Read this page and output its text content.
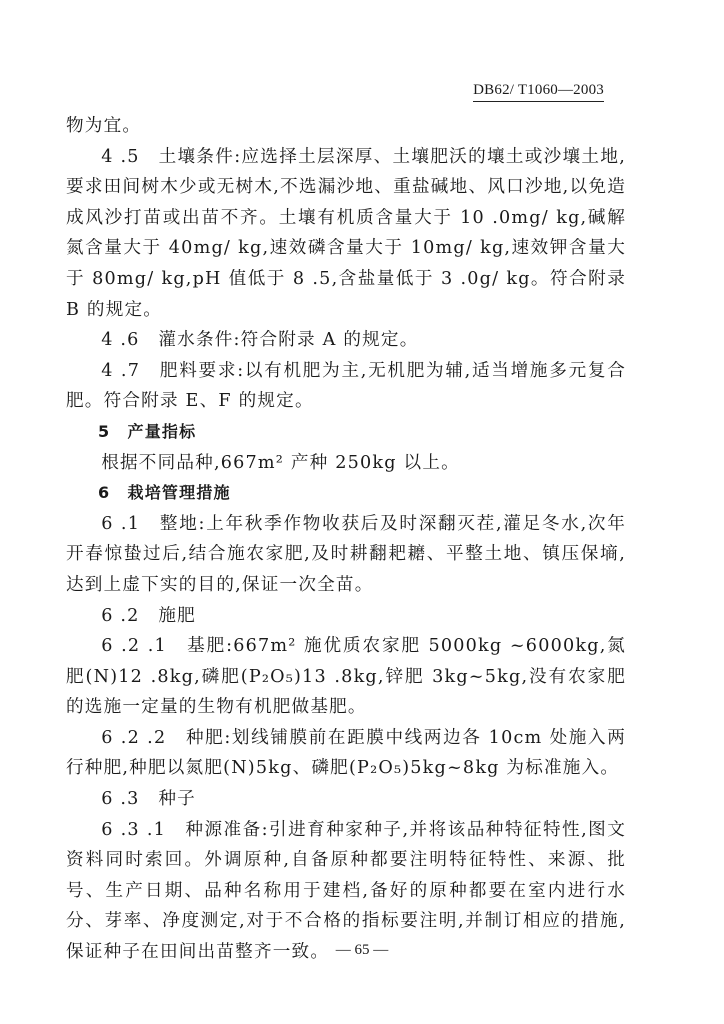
DB62/ T1060—2003

物为宜。

4 .5　土壤条件:应选择土层深厚、土壤肥沃的壤土或沙壤土地,要求田间树木少或无树木,不选漏沙地、重盐碱地、风口沙地,以免造成风沙打苗或出苗不齐。土壤有机质含量大于 10 .0mg/ kg,碱解氮含量大于 40mg/ kg,速效磷含量大于 10mg/ kg,速效钾含量大于 80mg/ kg,pH 值低于 8 .5,含盐量低于 3 .0g/ kg。符合附录 B 的规定。

4 .6　灌水条件:符合附录 A 的规定。

4 .7　肥料要求:以有机肥为主,无机肥为辅,适当增施多元复合肥。符合附录 E、F 的规定。

5　产量指标

根据不同品种,667m² 产种 250kg 以上。

6　栽培管理措施

6 .1　整地:上年秋季作物收获后及时深翻灭茬,灌足冬水,次年开春惊蛰过后,结合施农家肥,及时耕翻耙耱、平整土地、镇压保墒,达到上虚下实的目的,保证一次全苗。

6 .2　施肥

6 .2 .1　基肥:667m² 施优质农家肥 5000kg ~6000kg,氮肥(N)12 .8kg,磷肥(P₂O₅)13 .8kg,锌肥 3kg~5kg,没有农家肥的选施一定量的生物有机肥做基肥。

6 .2 .2　种肥:划线铺膜前在距膜中线两边各 10cm 处施入两行种肥,种肥以氮肥(N)5kg、磷肥(P₂O₅)5kg~8kg 为标准施入。

6 .3　种子

6 .3 .1　种源准备:引进育种家种子,并将该品种特征特性,图文资料同时索回。外调原种,自备原种都要注明特征特性、来源、批号、生产日期、品种名称用于建档,备好的原种都要在室内进行水分、芽率、净度测定,对于不合格的指标要注明,并制订相应的措施,保证种子在田间出苗整齐一致。 — 65 —
